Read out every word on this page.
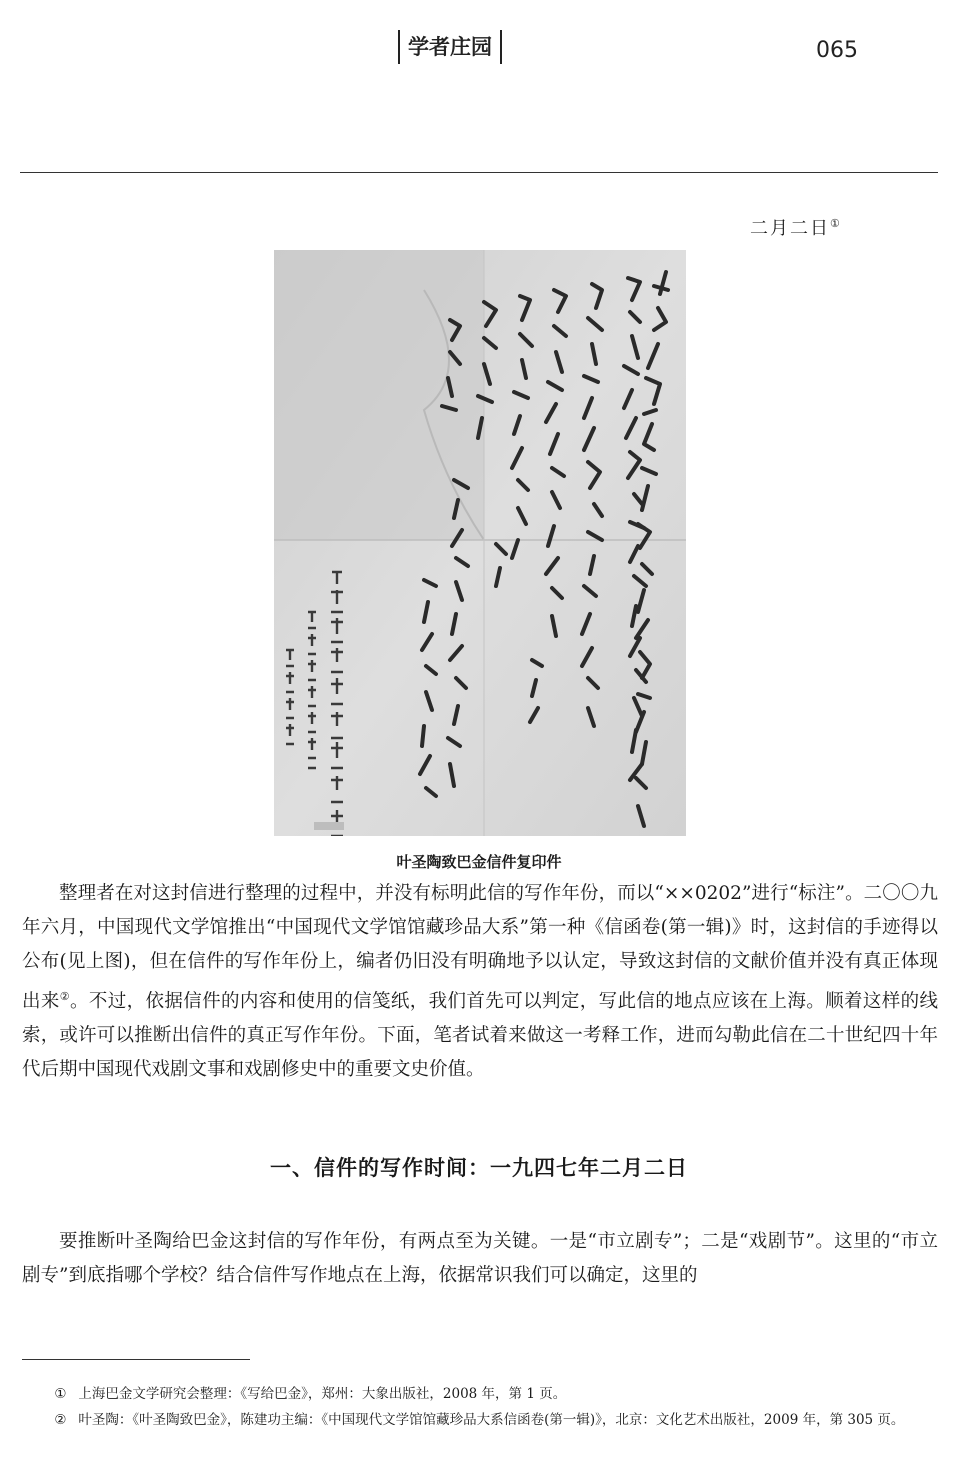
学者庄园	065
二月二日①
叶圣陶致巴金信件复印件

整理者在对这封信进行整理的过程中，并没有标明此信的写作年份，而以“××0202”进行“标注”。二〇〇九年六月，中国现代文学馆推出“中国现代文学馆馆藏珍品大系”第一种《信函卷(第一辑)》时，这封信的手迹得以公布(见上图)，但在信件的写作年份上，编者仍旧没有明确地予以认定，导致这封信的文献价值并没有真正体现出来②。不过，依据信件的内容和使用的信笺纸，我们首先可以判定，写此信的地点应该在上海。顺着这样的线索，或许可以推断出信件的真正写作年份。下面，笔者试着来做这一考释工作，进而勾勒此信在二十世纪四十年代后期中国现代戏剧文事和戏剧修史中的重要文史价值。

一、信件的写作时间：一九四七年二月二日

要推断叶圣陶给巴金这封信的写作年份，有两点至为关键。一是“市立剧专”；二是“戏剧节”。这里的“市立剧专”到底指哪个学校？结合信件写作地点在上海，依据常识我们可以确定，这里的

① 上海巴金文学研究会整理：《写给巴金》，郑州：大象出版社，2008 年，第 1 页。

② 叶圣陶：《叶圣陶致巴金》，陈建功主编：《中国现代文学馆馆藏珍品大系信函卷(第一辑)》，北京：文化艺术出版社，2009 年，第 305 页。
